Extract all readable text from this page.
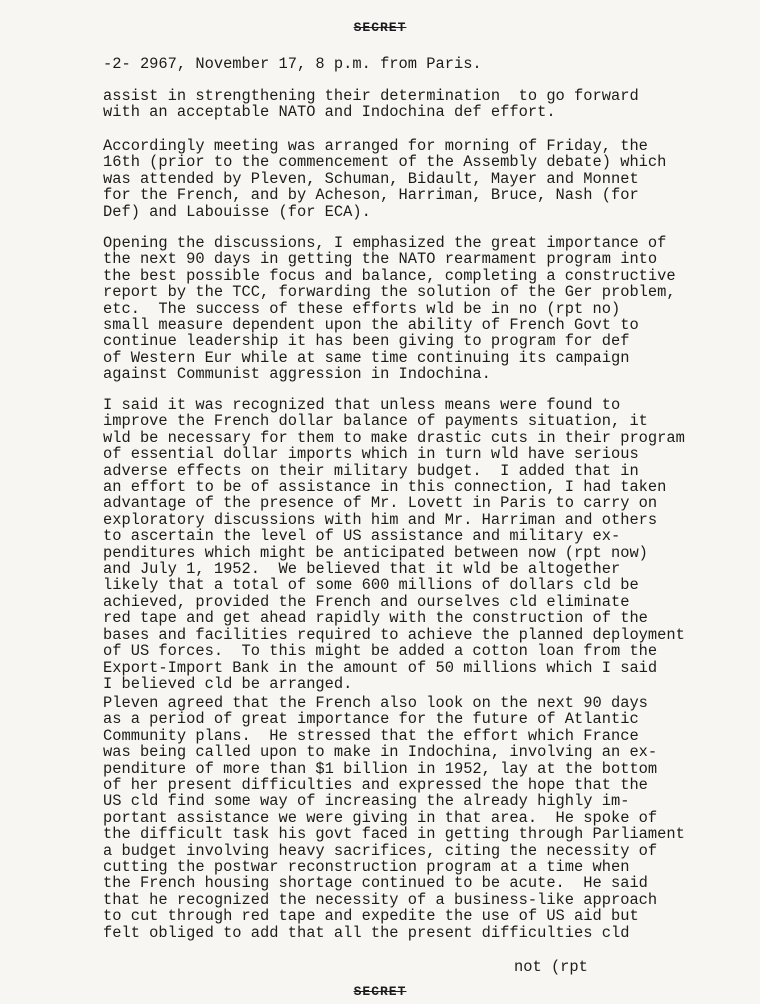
SECRET
-2- 2967, November 17, 8 p.m. from Paris.
assist in strengthening their determination  to go forward
with an acceptable NATO and Indochina def effort.
Accordingly meeting was arranged for morning of Friday, the
16th (prior to the commencement of the Assembly debate) which
was attended by Pleven, Schuman, Bidault, Mayer and Monnet
for the French, and by Acheson, Harriman, Bruce, Nash (for
Def) and Labouisse (for ECA).
Opening the discussions, I emphasized the great importance of
the next 90 days in getting the NATO rearmament program into
the best possible focus and balance, completing a constructive
report by the TCC, forwarding the solution of the Ger problem,
etc.  The success of these efforts wld be in no (rpt no)
small measure dependent upon the ability of French Govt to
continue leadership it has been giving to program for def
of Western Eur while at same time continuing its campaign
against Communist aggression in Indochina.
I said it was recognized that unless means were found to
improve the French dollar balance of payments situation, it
wld be necessary for them to make drastic cuts in their program
of essential dollar imports which in turn wld have serious
adverse effects on their military budget.  I added that in
an effort to be of assistance in this connection, I had taken
advantage of the presence of Mr. Lovett in Paris to carry on
exploratory discussions with him and Mr. Harriman and others
to ascertain the level of US assistance and military ex-
penditures which might be anticipated between now (rpt now)
and July 1, 1952.  We believed that it wld be altogether
likely that a total of some 600 millions of dollars cld be
achieved, provided the French and ourselves cld eliminate
red tape and get ahead rapidly with the construction of the
bases and facilities required to achieve the planned deployment
of US forces.  To this might be added a cotton loan from the
Export-Import Bank in the amount of 50 millions which I said
I believed cld be arranged.
Pleven agreed that the French also look on the next 90 days
as a period of great importance for the future of Atlantic
Community plans.  He stressed that the effort which France
was being called upon to make in Indochina, involving an ex-
penditure of more than $1 billion in 1952, lay at the bottom
of her present difficulties and expressed the hope that the
US cld find some way of increasing the already highly im-
portant assistance we were giving in that area.  He spoke of
the difficult task his govt faced in getting through Parliament
a budget involving heavy sacrifices, citing the necessity of
cutting the postwar reconstruction program at a time when
the French housing shortage continued to be acute.  He said
that he recognized the necessity of a business-like approach
to cut through red tape and expedite the use of US aid but
felt obliged to add that all the present difficulties cld
not (rpt
SECRET
